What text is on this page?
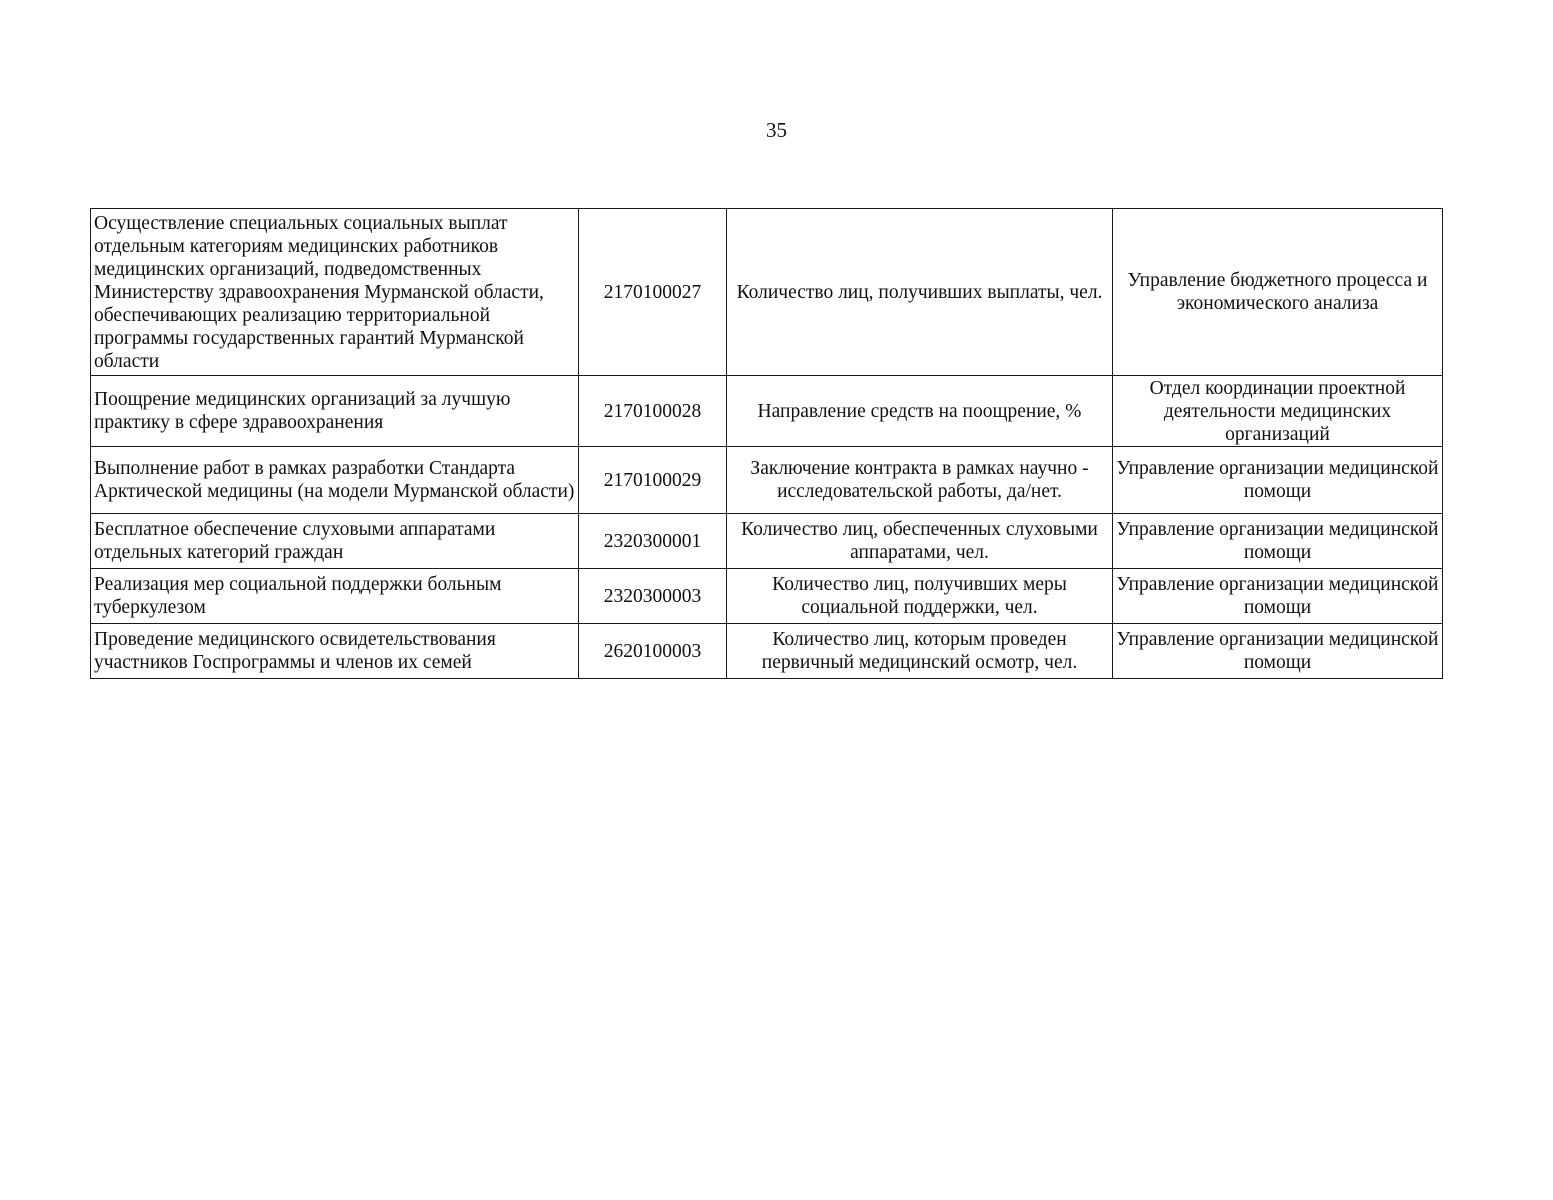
35
Осуществление специальных социальных выплат отдельным категориям медицинских работников медицинских организаций, подведомственных Министерству здравоохранения Мурманской области, обеспечивающих реализацию территориальной программы государственных гарантий Мурманской области	2170100027	Количество лиц, получивших выплаты, чел.	Управление бюджетного процесса и экономического анализа
Поощрение медицинских организаций за лучшую практику в сфере здравоохранения	2170100028	Направление средств на поощрение, %	Отдел координации проектной деятельности медицинских организаций
Выполнение работ в рамках разработки Стандарта Арктической медицины (на модели Мурманской области)	2170100029	Заключение контракта в рамках научно - исследовательской работы, да/нет.	Управление организации медицинской помощи
Бесплатное обеспечение слуховыми аппаратами отдельных категорий граждан	2320300001	Количество лиц, обеспеченных слуховыми аппаратами, чел.	Управление организации медицинской помощи
Реализация мер социальной поддержки больным туберкулезом	2320300003	Количество лиц, получивших меры социальной поддержки, чел.	Управление организации медицинской помощи
Проведение медицинского освидетельствования участников Госпрограммы и членов их семей	2620100003	Количество лиц, которым проведен первичный медицинский осмотр, чел.	Управление организации медицинской помощи
